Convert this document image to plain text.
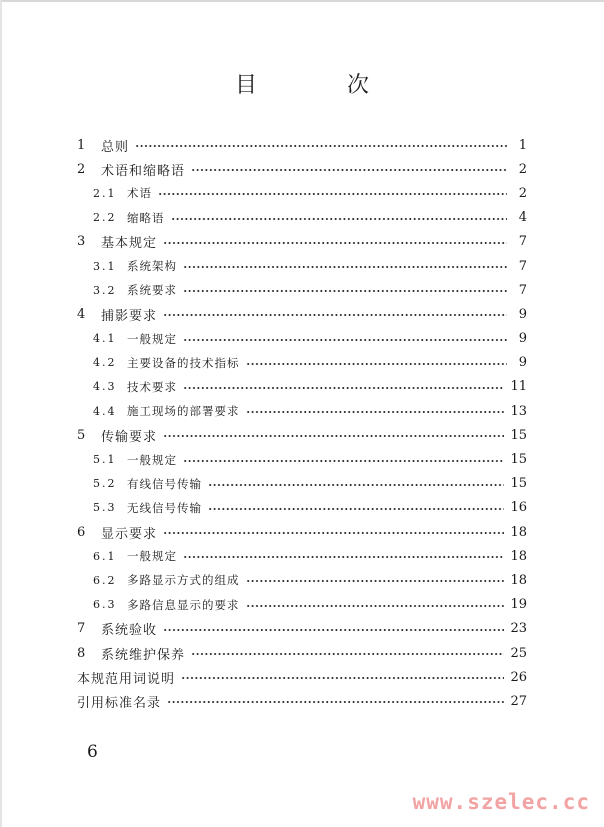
目　次
1	总则	1
2	术语和缩略语	2
2.1 术语	2
2.2 缩略语	4
3	基本规定	7
3.1 系统架构	7
3.2 系统要求	7
4	捕影要求	9
4.1 一般规定	9
4.2 主要设备的技术指标	9
4.3 技术要求	11
4.4 施工现场的部署要求	13
5	传输要求	15
5.1 一般规定	15
5.2 有线信号传输	15
5.3 无线信号传输	16
6	显示要求	18
6.1 一般规定	18
6.2 多路显示方式的组成	18
6.3 多路信息显示的要求	19
7	系统验收	23
8	系统维护保养	25
本规范用词说明	26
引用标准名录	27
6
www.szelec.cc
